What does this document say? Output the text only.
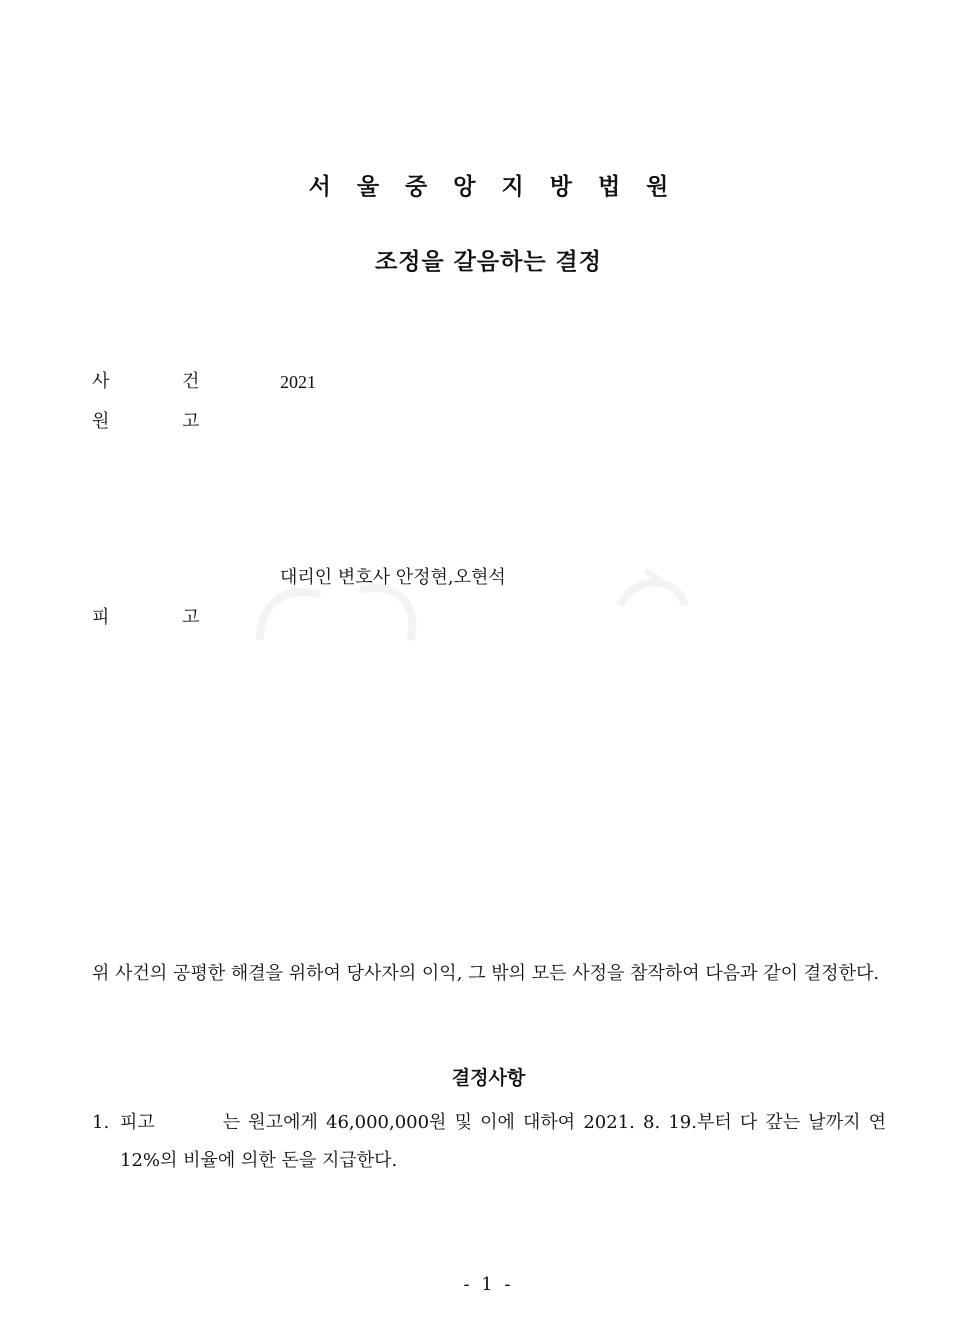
서 울 중 앙 지 방 법 원
조정을 갈음하는 결정
사	건	2021
원	고
대리인 변호사 안정현,오현석
피	고
위 사건의 공평한 해결을 위하여 당사자의 이익, 그 밖의 모든 사정을 참작하여 다음과 같이 결정한다.
결정사항
1. 피고	는 원고에게 46,000,000원 및 이에 대하여 2021. 8. 19.부터 다 갚는 날까지 연 12%의 비율에 의한 돈을 지급한다.
- 1 -
